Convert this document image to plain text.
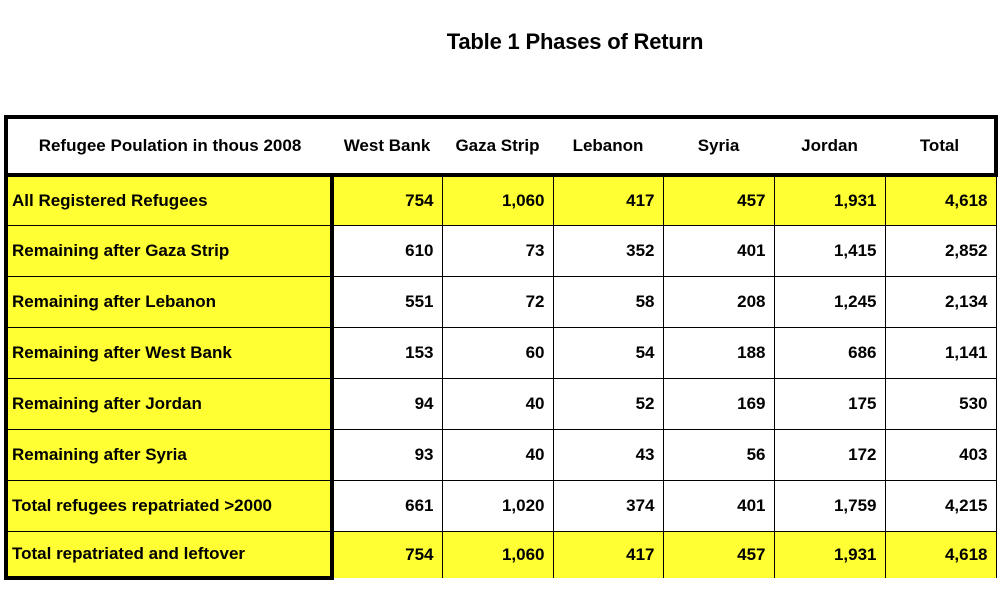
Table 1 Phases of Return
Refugee Poulation in thous 2008	West Bank	Gaza Strip	Lebanon	Syria	Jordan	Total
All Registered Refugees	754	1,060	417	457	1,931	4,618
Remaining after Gaza Strip	610	73	352	401	1,415	2,852
Remaining after Lebanon	551	72	58	208	1,245	2,134
Remaining after West Bank	153	60	54	188	686	1,141
Remaining after Jordan	94	40	52	169	175	530
Remaining after Syria	93	40	43	56	172	403
Total refugees repatriated >2000	661	1,020	374	401	1,759	4,215
Total repatriated and leftover	754	1,060	417	457	1,931	4,618
